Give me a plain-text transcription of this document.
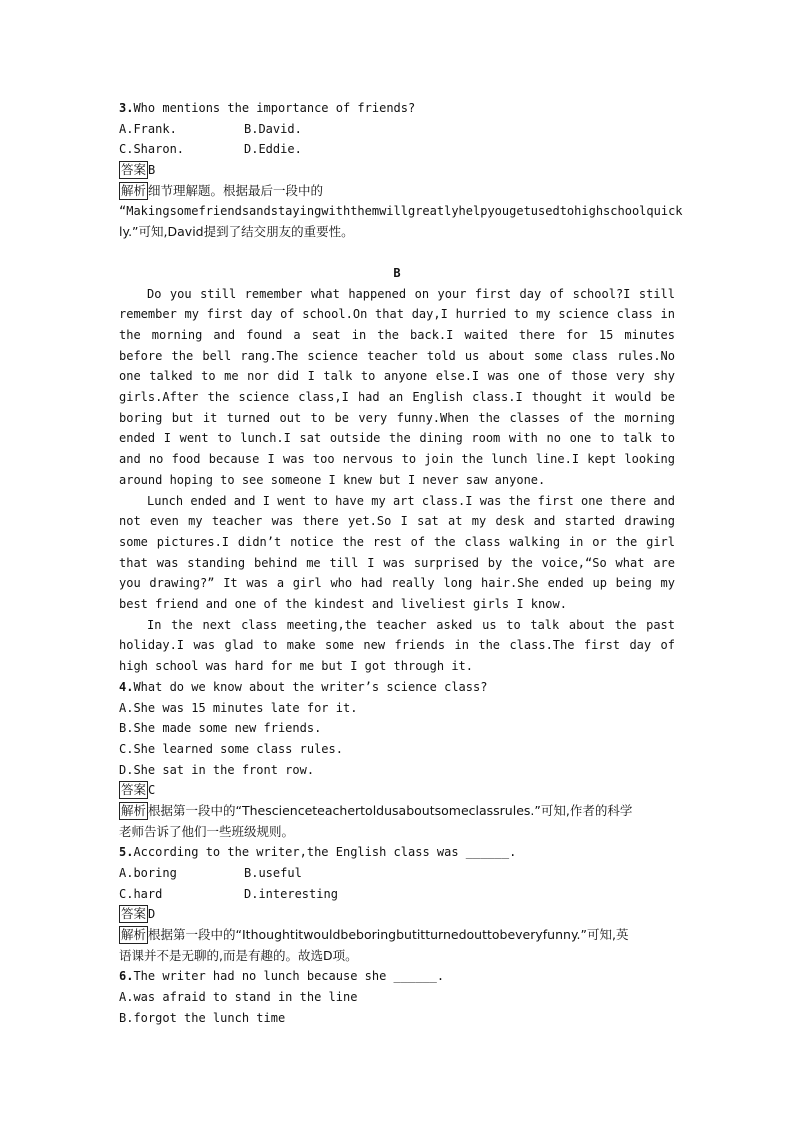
3.Who mentions the importance of friends?
A.Frank.	B.David.
C.Sharon.	D.Eddie.
答案 B
解析 细节理解题。根据最后一段中的
“Makingsomefriendsandstayingwiththemwillgreatlyhelpyougetusedtohighschoolquick
ly.”可知,David提到了结交朋友的重要性。
B
Do you still remember what happened on your first day of school?I still remember my first day of school.On that day,I hurried to my science class in the morning and found a seat in the back.I waited there for 15 minutes before the bell rang.The science teacher told us about some class rules.No one talked to me nor did I talk to anyone else.I was one of those very shy girls.After the science class,I had an English class.I thought it would be boring but it turned out to be very funny.When the classes of the morning ended I went to lunch.I sat outside the dining room with no one to talk to and no food because I was too nervous to join the lunch line.I kept looking around hoping to see someone I knew but I never saw anyone.
Lunch ended and I went to have my art class.I was the first one there and not even my teacher was there yet.So I sat at my desk and started drawing some pictures.I didn’t notice the rest of the class walking in or the girl that was standing behind me till I was surprised by the voice,“So what are you drawing?” It was a girl who had really long hair.She ended up being my best friend and one of the kindest and liveliest girls I know.
In the next class meeting,the teacher asked us to talk about the past holiday.I was glad to make some new friends in the class.The first day of high school was hard for me but I got through it.
4.What do we know about the writer’s science class?
A.She was 15 minutes late for it.
B.She made some new friends.
C.She learned some class rules.
D.She sat in the front row.
答案 C
解析 根据第一段中的“Thescienceteachertoldusaboutsomeclassrules.”可知,作者的科学
老师告诉了他们一些班级规则。
5.According to the writer,the English class was ______.
A.boring	B.useful
C.hard	D.interesting
答案 D
解析 根据第一段中的“Ithoughtitwouldbeboringbutitturnedouttobeveryfunny.”可知,英
语课并不是无聊的,而是有趣的。故选D项。
6.The writer had no lunch because she ______.
A.was afraid to stand in the line
B.forgot the lunch time
